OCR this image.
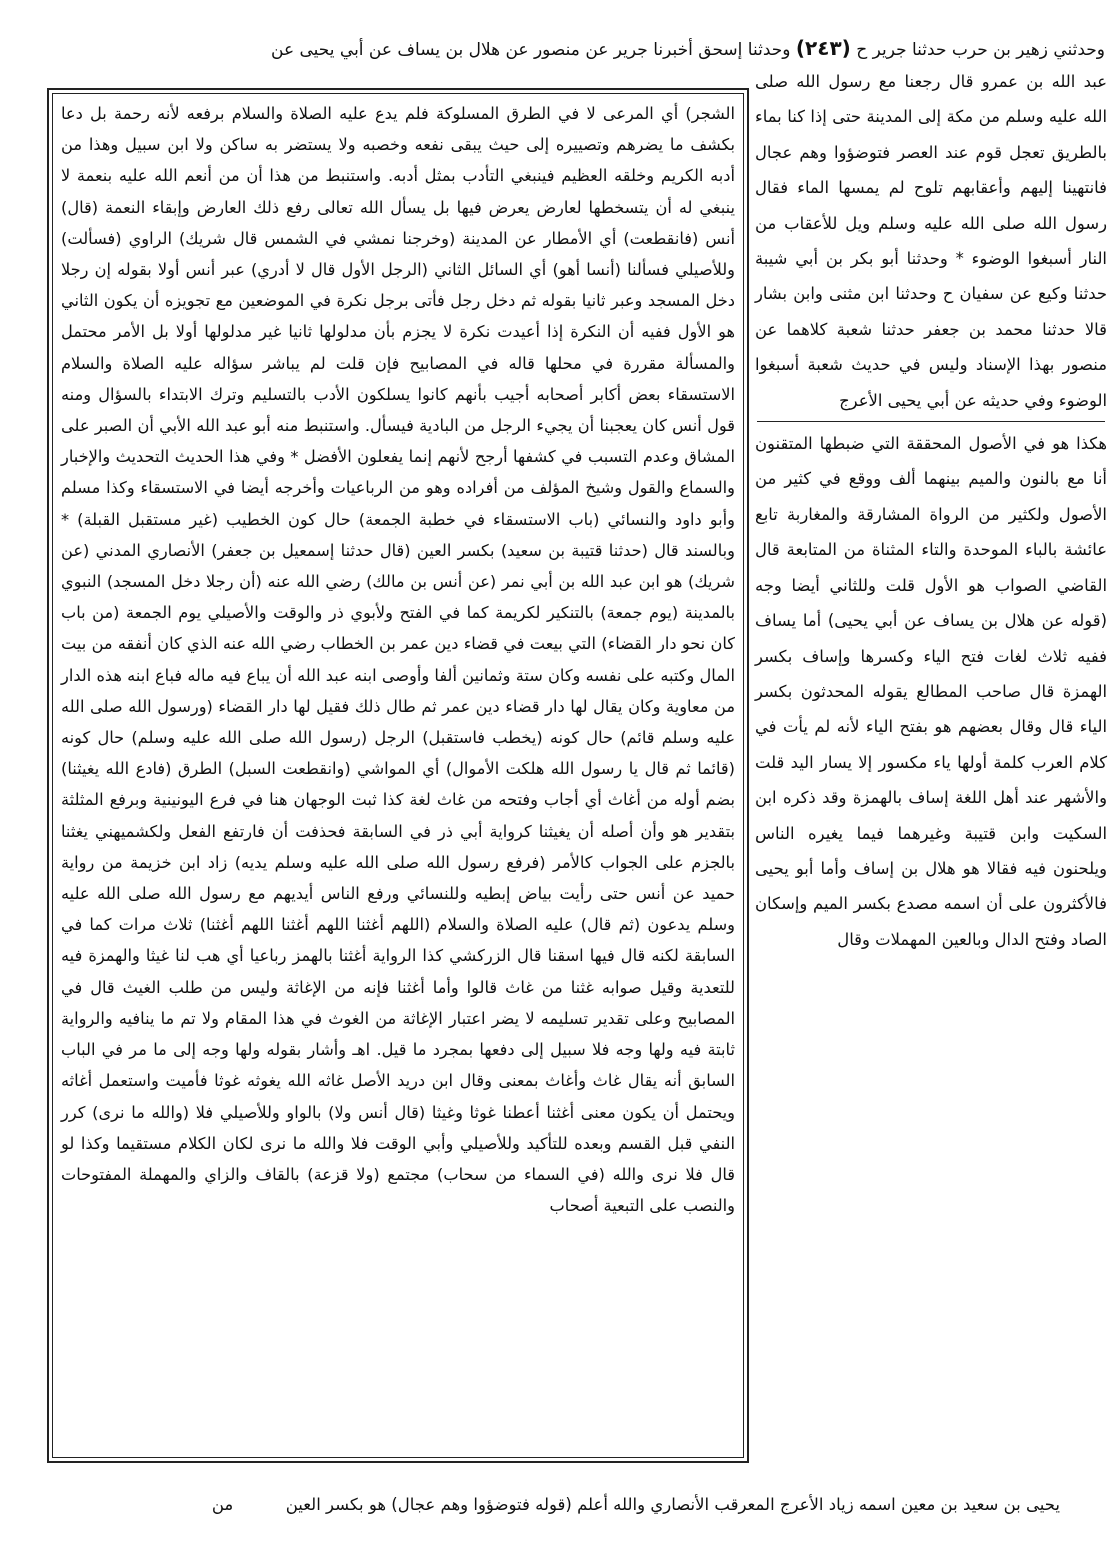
وحدثني زهير بن حرب حدثنا جرير ح (٢٤٣) وحدثنا إسحق أخبرنا جرير عن منصور عن هلال بن يساف عن أبي يحيى عن

عبد الله بن عمرو قال رجعنا مع رسول الله صلى الله عليه وسلم من مكة إلى المدينة حتى إذا كنا بماء بالطريق تعجل قوم عند العصر فتوضؤوا وهم عجال فانتهينا إليهم وأعقابهم تلوح لم يمسها الماء فقال رسول الله صلى الله عليه وسلم ويل للأعقاب من النار أسبغوا الوضوء * وحدثنا أبو بكر بن أبي شيبة حدثنا وكيع عن سفيان ح وحدثنا ابن مثنى وابن بشار قالا حدثنا محمد بن جعفر حدثنا شعبة كلاهما عن منصور بهذا الإسناد وليس في حديث شعبة أسبغوا الوضوء وفي حديثه عن أبي يحيى الأعرج

هكذا هو في الأصول المحققة التي ضبطها المتقنون أنا مع بالنون والميم بينهما ألف ووقع في كثير من الأصول ولكثير من الرواة المشارقة والمغاربة تابع عائشة بالباء الموحدة والتاء المثناة من المتابعة قال القاضي الصواب هو الأول قلت وللثاني أيضا وجه (قوله عن هلال بن يساف عن أبي يحيى) أما يساف ففيه ثلاث لغات فتح الياء وكسرها وإساف بكسر الهمزة قال صاحب المطالع يقوله المحدثون بكسر الياء قال وقال بعضهم هو بفتح الياء لأنه لم يأت في كلام العرب كلمة أولها ياء مكسور إلا يسار اليد قلت والأشهر عند أهل اللغة إساف بالهمزة وقد ذكره ابن السكيت وابن قتيبة وغيرهما فيما يغيره الناس ويلحنون فيه فقالا هو هلال بن إساف وأما أبو يحيى فالأكثرون على أن اسمه مصدع بكسر الميم وإسكان الصاد وفتح الدال وبالعين المهملات وقال

الشجر) أي المرعى لا في الطرق المسلوكة فلم يدع عليه الصلاة والسلام برفعه لأنه رحمة بل دعا بكشف ما يضرهم وتصييره إلى حيث يبقى نفعه وخصبه ولا يستضر به ساكن ولا ابن سبيل وهذا من أدبه الكريم وخلقه العظيم فينبغي التأدب بمثل أدبه. واستنبط من هذا أن من أنعم الله عليه بنعمة لا ينبغي له أن يتسخطها لعارض يعرض فيها بل يسأل الله تعالى رفع ذلك العارض وإبقاء النعمة (قال) أنس (فانقطعت) أي الأمطار عن المدينة (وخرجنا نمشي في الشمس قال شريك) الراوي (فسألت) وللأصيلي فسألنا (أنسا أهو) أي السائل الثاني (الرجل الأول قال لا أدري) عبر أنس أولا بقوله إن رجلا دخل المسجد وعبر ثانيا بقوله ثم دخل رجل فأتى برجل نكرة في الموضعين مع تجويزه أن يكون الثاني هو الأول ففيه أن النكرة إذا أعيدت نكرة لا يجزم بأن مدلولها ثانيا غير مدلولها أولا بل الأمر محتمل والمسألة مقررة في محلها قاله في المصابيح فإن قلت لم يباشر سؤاله عليه الصلاة والسلام الاستسقاء بعض أكابر أصحابه أجيب بأنهم كانوا يسلكون الأدب بالتسليم وترك الابتداء بالسؤال ومنه قول أنس كان يعجبنا أن يجيء الرجل من البادية فيسأل. واستنبط منه أبو عبد الله الأبي أن الصبر على المشاق وعدم التسبب في كشفها أرجح لأنهم إنما يفعلون الأفضل * وفي هذا الحديث التحديث والإخبار والسماع والقول وشيخ المؤلف من أفراده وهو من الرباعيات وأخرجه أيضا في الاستسقاء وكذا مسلم وأبو داود والنسائي (باب الاستسقاء في خطبة الجمعة) حال كون الخطيب (غير مستقبل القبلة) * وبالسند قال (حدثنا قتيبة بن سعيد) بكسر العين (قال حدثنا إسمعيل بن جعفر) الأنصاري المدني (عن شريك) هو ابن عبد الله بن أبي نمر (عن أنس بن مالك) رضي الله عنه (أن رجلا دخل المسجد) النبوي بالمدينة (يوم جمعة) بالتنكير لكريمة كما في الفتح ولأبوي ذر والوقت والأصيلي يوم الجمعة (من باب كان نحو دار القضاء) التي بيعت في قضاء دين عمر بن الخطاب رضي الله عنه الذي كان أنفقه من بيت المال وكتبه على نفسه وكان ستة وثمانين ألفا وأوصى ابنه عبد الله أن يباع فيه ماله فباع ابنه هذه الدار من معاوية وكان يقال لها دار قضاء دين عمر ثم طال ذلك فقيل لها دار القضاء (ورسول الله صلى الله عليه وسلم قائم) حال كونه (يخطب فاستقبل) الرجل (رسول الله صلى الله عليه وسلم) حال كونه (قائما ثم قال يا رسول الله هلكت الأموال) أي المواشي (وانقطعت السبل) الطرق (فادع الله يغيثنا) بضم أوله من أغاث أي أجاب وفتحه من غاث لغة كذا ثبت الوجهان هنا في فرع اليونينية وبرفع المثلثة بتقدير هو وأن أصله أن يغيثنا كرواية أبي ذر في السابقة فحذفت أن فارتفع الفعل ولكشميهني يغثنا بالجزم على الجواب كالأمر (فرفع رسول الله صلى الله عليه وسلم يديه) زاد ابن خزيمة من رواية حميد عن أنس حتى رأيت بياض إبطيه وللنسائي ورفع الناس أيديهم مع رسول الله صلى الله عليه وسلم يدعون (ثم قال) عليه الصلاة والسلام (اللهم أغثنا اللهم أغثنا اللهم أغثنا) ثلاث مرات كما في السابقة لكنه قال فيها اسقنا قال الزركشي كذا الرواية أغثنا بالهمز رباعيا أي هب لنا غيثا والهمزة فيه للتعدية وقيل صوابه غثنا من غاث قالوا وأما أغثنا فإنه من الإغاثة وليس من طلب الغيث قال في المصابيح وعلى تقدير تسليمه لا يضر اعتبار الإغاثة من الغوث في هذا المقام ولا تم ما ينافيه والرواية ثابتة فيه ولها وجه فلا سبيل إلى دفعها بمجرد ما قيل. اهـ وأشار بقوله ولها وجه إلى ما مر في الباب السابق أنه يقال غاث وأغاث بمعنى وقال ابن دريد الأصل غاثه الله يغوثه غوثا فأميت واستعمل أغاثه ويحتمل أن يكون معنى أغثنا أعطنا غوثا وغيثا (قال أنس ولا) بالواو وللأصيلي فلا (والله ما نرى) كرر النفي قبل القسم وبعده للتأكيد وللأصيلي وأبي الوقت فلا والله ما نرى لكان الكلام مستقيما وكذا لو قال فلا نرى والله (في السماء من سحاب) مجتمع (ولا قزعة) بالقاف والزاي والمهملة المفتوحات والنصب على التبعية أصحاب

يحيى بن سعيد بن معين اسمه زياد الأعرج المعرقب الأنصاري والله أعلم (قوله فتوضؤوا وهم عجال) هو بكسر العين          من
